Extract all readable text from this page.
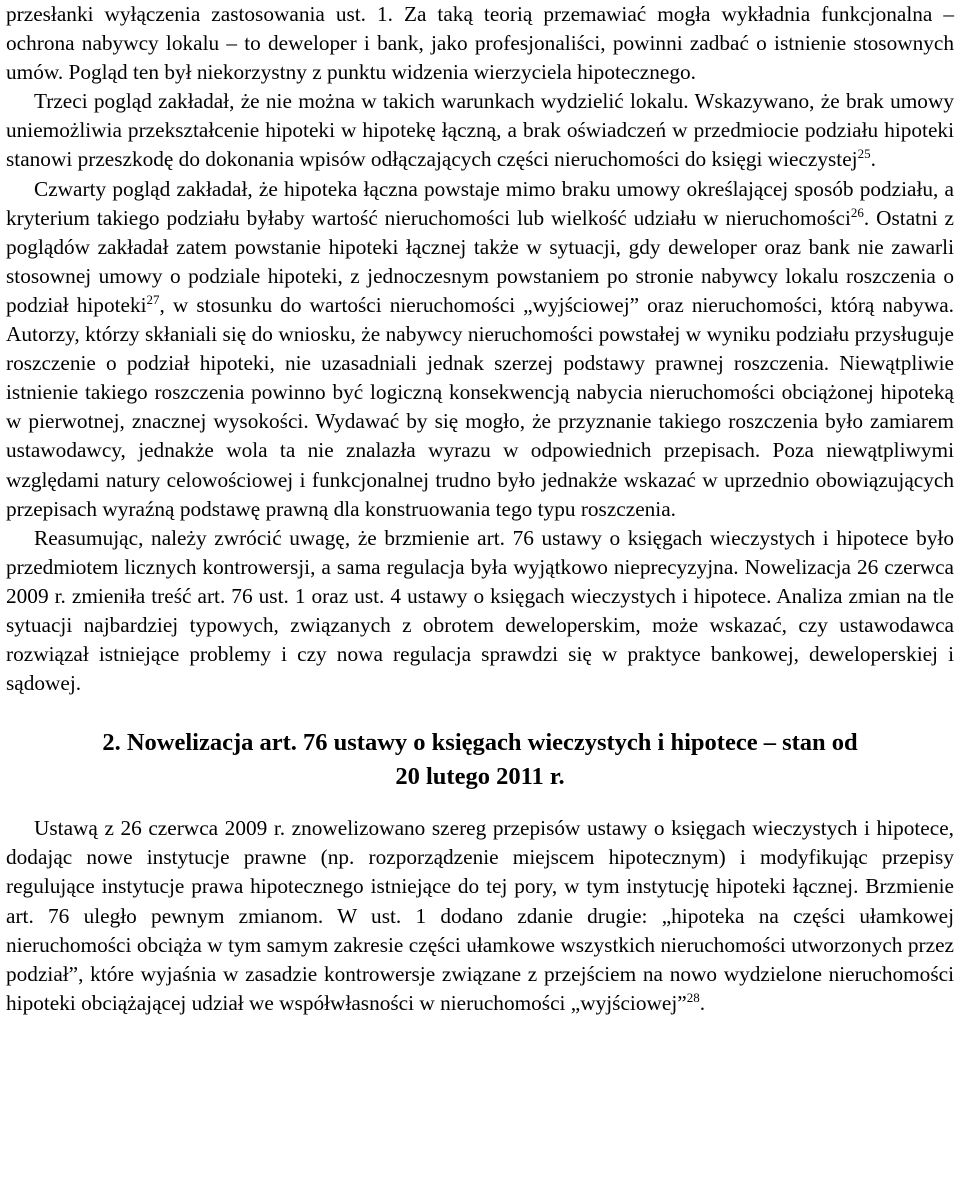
przesłanki wyłączenia zastosowania ust. 1. Za taką teorią przemawiać mogła wykładnia funkcjonalna – ochrona nabywcy lokalu – to deweloper i bank, jako profesjonaliści, powinni zadbać o istnienie stosownych umów. Pogląd ten był niekorzystny z punktu widzenia wierzyciela hipotecznego.

Trzeci pogląd zakładał, że nie można w takich warunkach wydzielić lokalu. Wskazywano, że brak umowy uniemożliwia przekształcenie hipoteki w hipotekę łączną, a brak oświadczeń w przedmiocie podziału hipoteki stanowi przeszkodę do dokonania wpisów odłączających części nieruchomości do księgi wieczystej$^{25}$.

Czwarty pogląd zakładał, że hipoteka łączna powstaje mimo braku umowy określającej sposób podziału, a kryterium takiego podziału byłaby wartość nieruchomości lub wielkość udziału w nieruchomości$^{26}$. Ostatni z poglądów zakładał zatem powstanie hipoteki łącznej także w sytuacji, gdy deweloper oraz bank nie zawarli stosownej umowy o podziale hipoteki, z jednoczesnym powstaniem po stronie nabywcy lokalu roszczenia o podział hipoteki$^{27}$, w stosunku do wartości nieruchomości „wyjściowej” oraz nieruchomości, którą nabywa. Autorzy, którzy skłaniali się do wniosku, że nabywcy nieruchomości powstałej w wyniku podziału przysługuje roszczenie o podział hipoteki, nie uzasadniali jednak szerzej podstawy prawnej roszczenia. Niewątpliwie istnienie takiego roszczenia powinno być logiczną konsekwencją nabycia nieruchomości obciążonej hipoteką w pierwotnej, znacznej wysokości. Wydawać by się mogło, że przyznanie takiego roszczenia było zamiarem ustawodawcy, jednakże wola ta nie znalazła wyrazu w odpowiednich przepisach. Poza niewątpliwymi względami natury celowościowej i funkcjonalnej trudno było jednakże wskazać w uprzednio obowiązujących przepisach wyraźną podstawę prawną dla konstruowania tego typu roszczenia.

Reasumując, należy zwrócić uwagę, że brzmienie art. 76 ustawy o księgach wieczystych i hipotece było przedmiotem licznych kontrowersji, a sama regulacja była wyjątkowo nieprecyzyjna. Nowelizacja 26 czerwca 2009 r. zmieniła treść art. 76 ust. 1 oraz ust. 4 ustawy o księgach wieczystych i hipotece. Analiza zmian na tle sytuacji najbardziej typowych, związanych z obrotem deweloperskim, może wskazać, czy ustawodawca rozwiązał istniejące problemy i czy nowa regulacja sprawdzi się w praktyce bankowej, deweloperskiej i sądowej.

2. Nowelizacja art. 76 ustawy o księgach wieczystych i hipotece – stan od
20 lutego 2011 r.

Ustawą z 26 czerwca 2009 r. znowelizowano szereg przepisów ustawy o księgach wieczystych i hipotece, dodając nowe instytucje prawne (np. rozporządzenie miejscem hipotecznym) i modyfikując przepisy regulujące instytucje prawa hipotecznego istniejące do tej pory, w tym instytucję hipoteki łącznej. Brzmienie art. 76 uległo pewnym zmianom. W ust. 1 dodano zdanie drugie: „hipoteka na części ułamkowej nieruchomości obciąża w tym samym zakresie części ułamkowe wszystkich nieruchomości utworzonych przez podział”, które wyjaśnia w zasadzie kontrowersje związane z przejściem na nowo wydzielone nieruchomości hipoteki obciążającej udział we współwłasności w nieruchomości „wyjściowej”$^{28}$.
